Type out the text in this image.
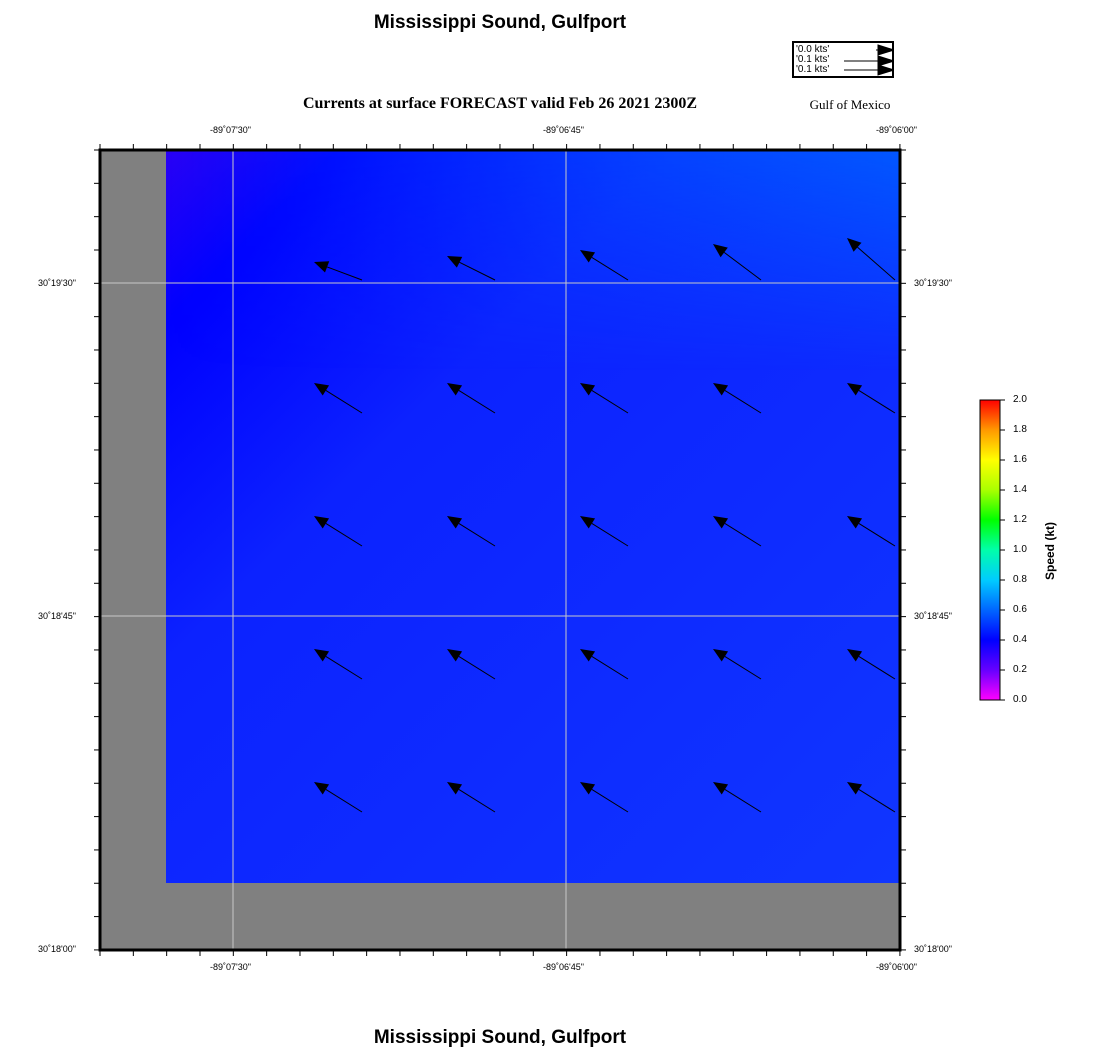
Mississippi Sound, Gulfport
Currents at surface FORECAST valid Feb 26 2021 2300Z	Gulf of Mexico
'0.0 kts'
'0.1 kts'
'0.1 kts'
-89˚07'30"	-89˚06'45"	-89˚06'00"
-89˚07'30"	-89˚06'45"	-89˚06'00"
30˚19'30"
30˚18'45"
30˚18'00"
30˚19'30"
30˚18'45"
30˚18'00"
2.0
1.8
1.6
1.4
1.2
1.0
0.8
0.6
0.4
0.2
0.0
Speed (kt)
Mississippi Sound, Gulfport
